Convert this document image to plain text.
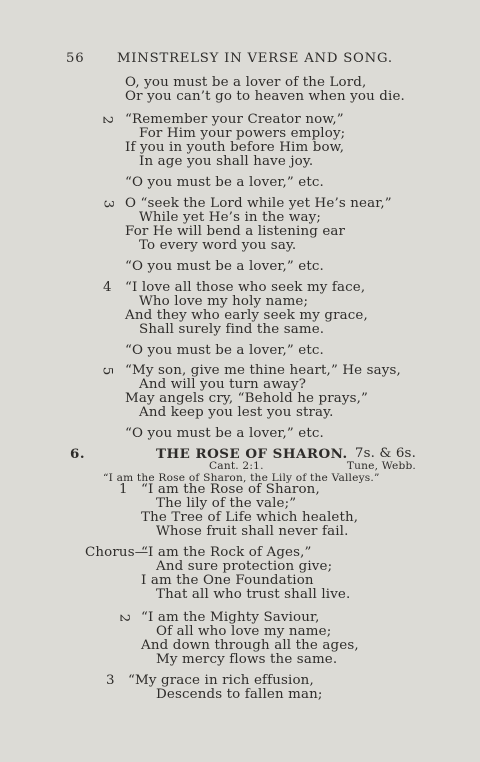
56 MINSTRELSY IN VERSE AND SONG.
O, you must be a lover of the Lord,
Or you can’t go to heaven when you die.
2 “Remember your Creator now,”
For Him your powers employ;
If you in youth before Him bow,
In age you shall have joy.
“O you must be a lover,” etc.
3 O “seek the Lord while yet He’s near,”
While yet He’s in the way;
For He will bend a listening ear
To every word you say.
“O you must be a lover,” etc.
4 “I love all those who seek my face,
Who love my holy name;
And they who early seek my grace,
Shall surely find the same.
“O you must be a lover,” etc.
5 “My son, give me thine heart,” He says,
And will you turn away?
May angels cry, “Behold he prays,”
And keep you lest you stray.
“O you must be a lover,” etc.
6.	THE ROSE OF SHARON. 7s. & 6s.
Cant. 2:1.	Tune, Webb.
“I am the Rose of Sharon, the Lily of the Valleys.”
1 “I am the Rose of Sharon,
The lily of the vale;”
The Tree of Life which healeth,
Whose fruit shall never fail.
Chorus—
“I am the Rock of Ages,”
And sure protection give;
I am the One Foundation
That all who trust shall live.
2 “I am the Mighty Saviour,
Of all who love my name;
And down through all the ages,
My mercy flows the same.
3 “My grace in rich effusion,
Descends to fallen man;
